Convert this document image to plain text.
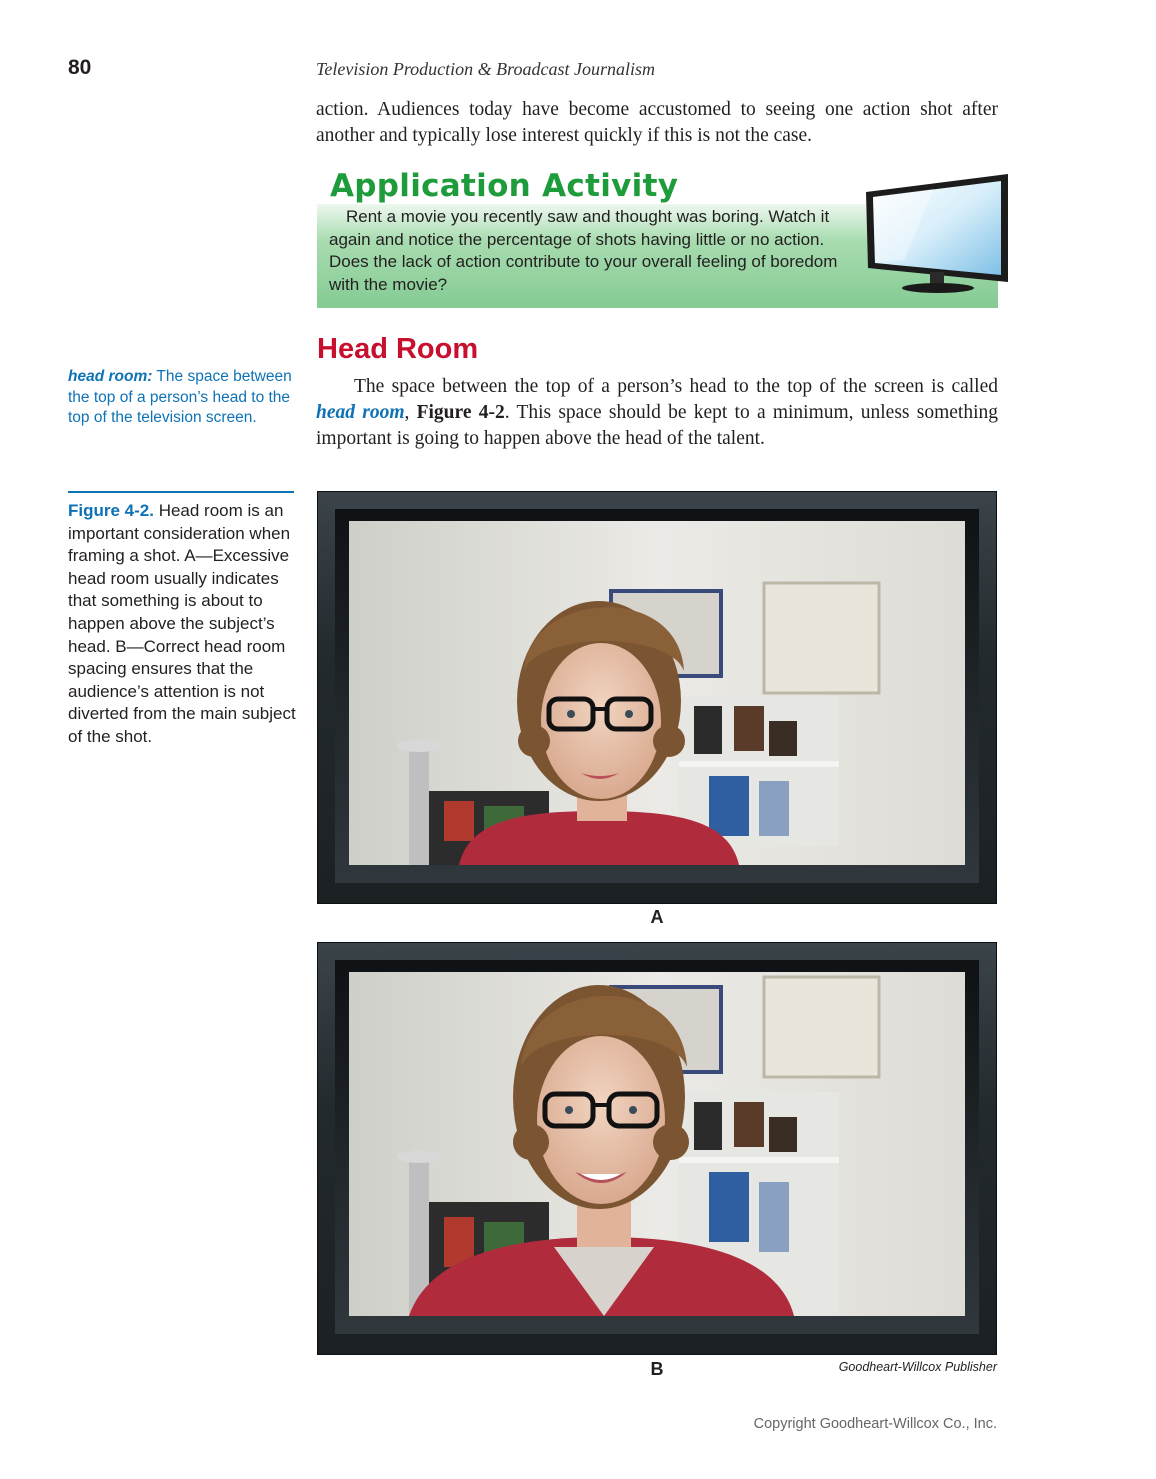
80	Television Production & Broadcast Journalism

action. Audiences today have become accustomed to seeing one action shot after another and typically lose interest quickly if this is not the case.

Application Activity
Rent a movie you recently saw and thought was boring. Watch it again and notice the percentage of shots having little or no action. Does the lack of action contribute to your overall feeling of boredom with the movie?
Head Room

The space between the top of a person’s head to the top of the screen is called head room, Figure 4-2. This space should be kept to a minimum, unless something important is going to happen above the head of the talent.

head room: The space between the top of a person’s head to the top of the television screen.
Figure 4-2. Head room is an important consideration when framing a shot. A—Excessive head room usually indicates that something is about to happen above the subject’s head. B—Correct head room spacing ensures that the audience’s attention is not diverted from the main subject of the shot.
A
B	Goodheart-Willcox Publisher
Copyright Goodheart-Willcox Co., Inc.
